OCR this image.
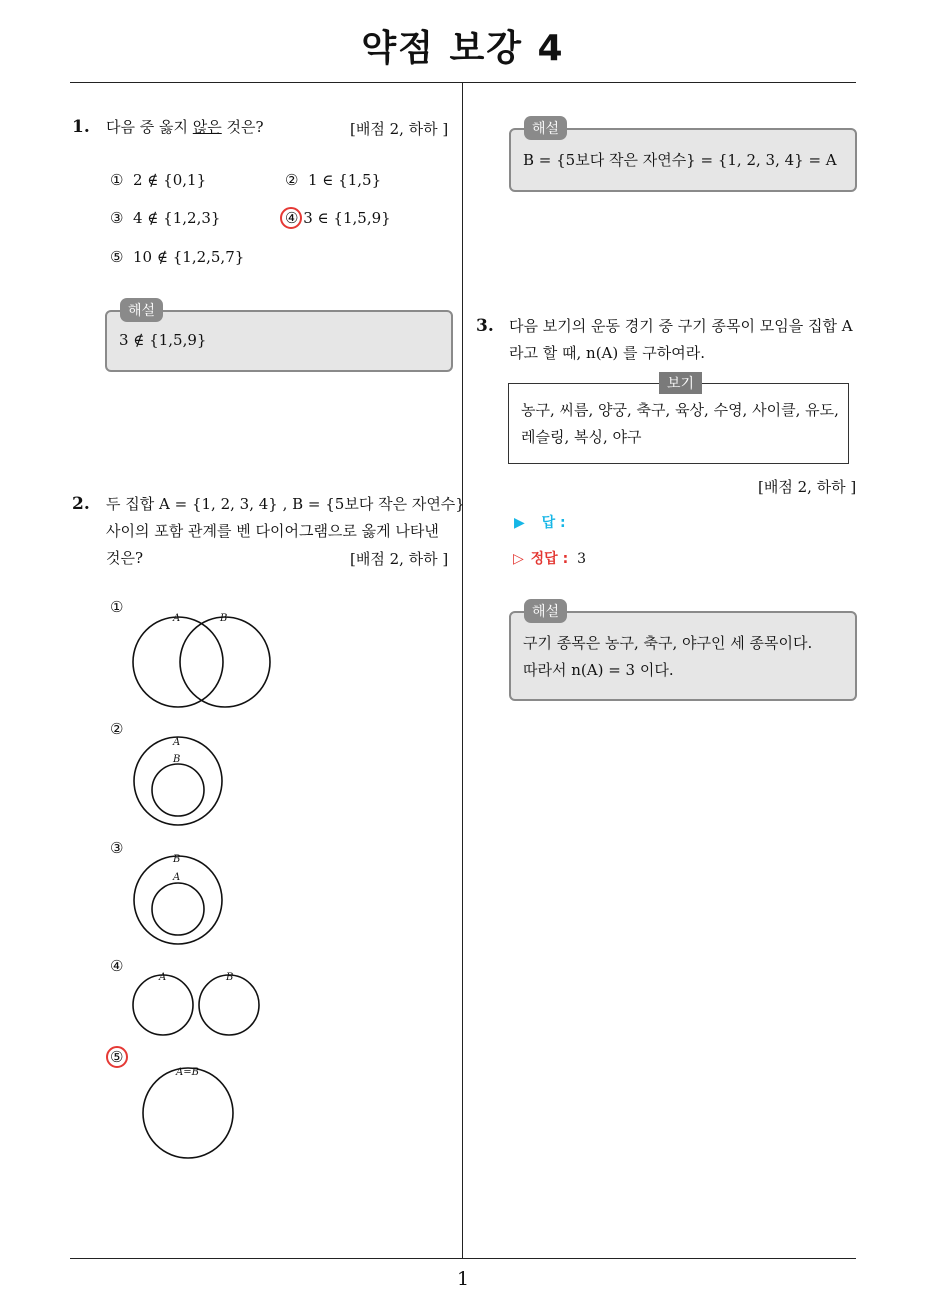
약점 보강 4
1
1. 다음 중 옳지 않은 것은?	[배점 2, 하하 ]
① 2 ∉ {0,1}	② 1 ∈ {1,5}
③ 4 ∉ {1,2,3}	④ 3 ∈ {1,5,9}
⑤ 10 ∉ {1,2,5,7}
3 ∉ {1,5,9}
해설
2. 두 집합 A = {1, 2, 3, 4} , B = {5보다 작은 자연수}
사이의 포함 관계를 벤 다이어그램으로 옳게 나타낸
것은?	[배점 2, 하하 ]
①
A	B
A
B
B
A
A	B
A=B
②
③
④
⑤
B = {5보다 작은 자연수} = {1, 2, 3, 4} = A
해설
3. 다음 보기의 운동 경기 중 구기 종목이 모임을 집합 A
라고 할 때, n(A) 를 구하여라.
농구, 씨름, 양궁, 축구, 육상, 수영, 사이클, 유도,
레슬링, 복싱, 야구
보기
[배점 2, 하하 ]
▶ 답 :
▷ 정답 : 3
구기 종목은 농구, 축구, 야구인 세 종목이다.
따라서 n(A) = 3 이다.
해설
